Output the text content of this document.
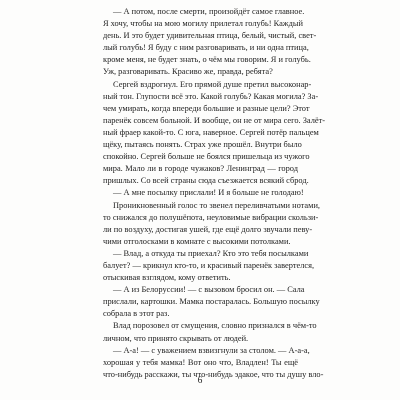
— А потом, после смерти, произойдёт самое главное.
Я хочу, чтобы на мою могилу прилетал голубь! Каждый
день. И это будет удивительная птица, белый, чистый, свет-
лый голубь! Я буду с ним разговаривать, и ни одна птица,
кроме меня, не будет знать, о чём мы говорим. Я и голубь.
Уж, разговаривать. Красиво же, правда, ребята?
Сергей вздрогнул. Его прямой душе претил высоконар-
ный тон. Глупости всё это. Какой голубь? Какая могила? За-
чем умирать, когда впереди большие и разные цели? Этот
паренёк совсем больной. И вообще, он не от мира сего. Залёт-
ный фраер какой-то. С юга, наверное. Сергей потёр пальцем
щёку, пытаясь понять. Страх уже прошёл. Внутри было
спокойно. Сергей больше не боялся пришельца из чужого
мира. Мало ли в городе чужаков? Ленинград — город
пришлых. Со всей страны сюда съезжается всякий сброд.
— А мне посылку прислали! И я больше не голодаю!
Проникновенный голос то звенел переливчатыми нотами,
то снижался до полушёпота, неуловимые вибрации скользи-
ли по воздуху, достигая ушей, где ещё долго звучали певу-
чими отголосками в комнате с высокими потолками.
— Влад, а откуда ты приехал? Кто это тебя посылками
балует? — крикнул кто-то, и красивый паренёк завертелся,
отыскивая взглядом, кому ответить.
— А из Белоруссии! — с вызовом бросил он. — Сала
прислали, картошки. Мамка постаралась. Большую посылку
собрала в этот раз.
Влад порозовел от смущения, словно признался в чём-то
личном, что принято скрывать от людей.
— А-а! — с уважением взвизгнули за столом. — А-а-а,
хорошая у тебя мамка! Вот оно что, Владлен! Ты ещё
что-нибудь расскажи, ты что-нибудь эдакое, что ты душу вло-
6
